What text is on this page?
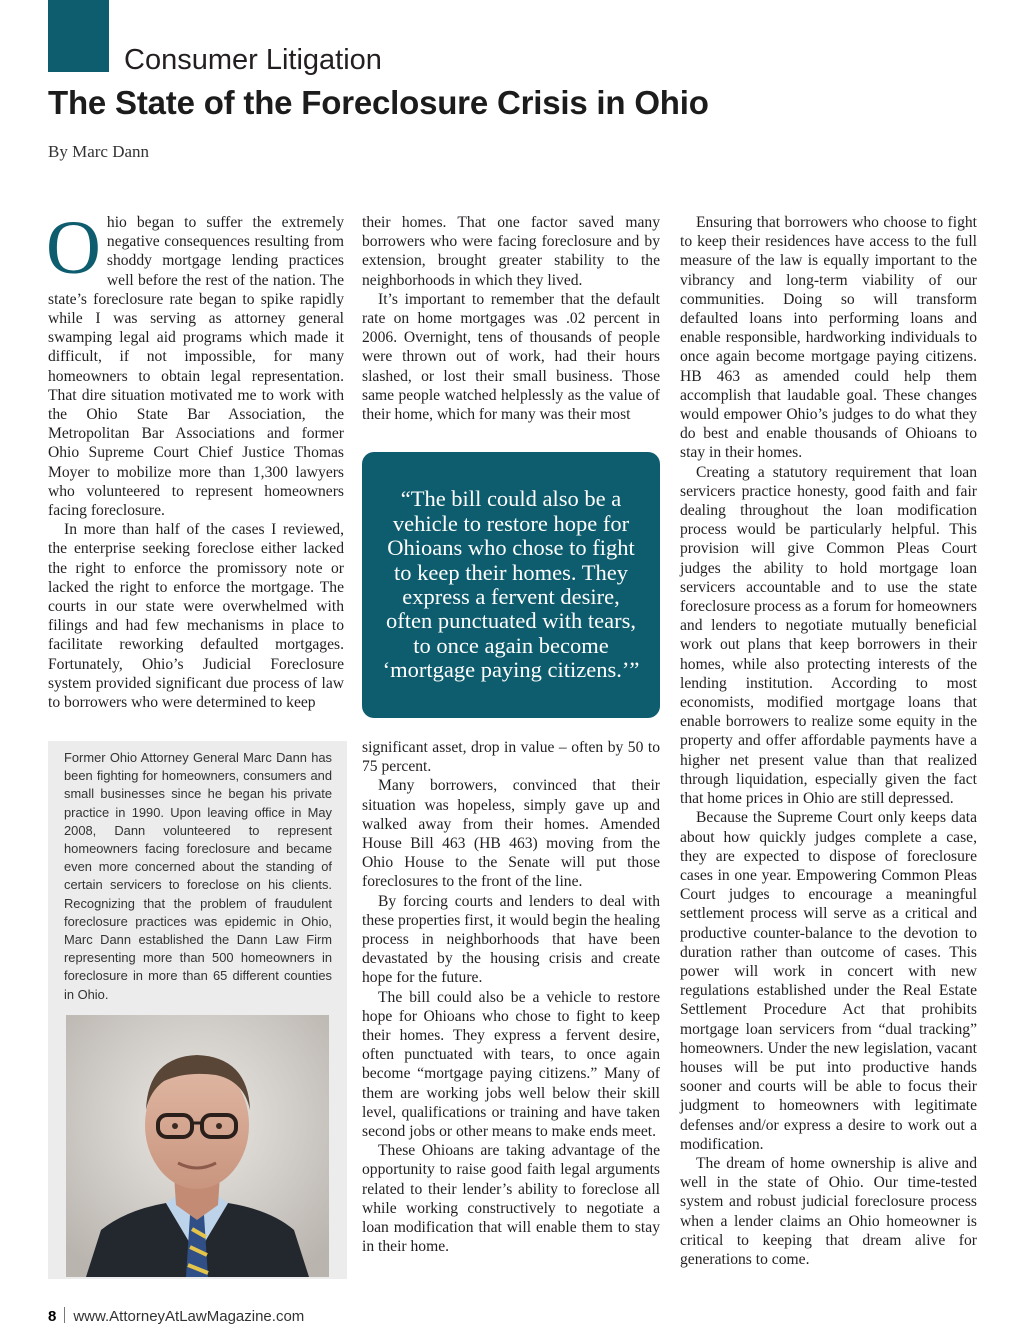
Consumer Litigation
The State of the Foreclosure Crisis in Ohio
By Marc Dann

Ohio began to suffer the extremely negative consequences resulting from shoddy mortgage lending practices well before the rest of the nation. The state’s foreclosure rate began to spike rapidly while I was serving as attorney general swamping legal aid programs which made it difficult, if not impossible, for many homeowners to obtain legal representation. That dire situation motivated me to work with the Ohio State Bar Association, the Metropolitan Bar Associations and former Ohio Supreme Court Chief Justice Thomas Moyer to mobilize more than 1,300 lawyers who volunteered to represent homeowners facing foreclosure.

In more than half of the cases I reviewed, the enterprise seeking foreclose either lacked the right to enforce the promissory note or lacked the right to enforce the mortgage. The courts in our state were overwhelmed with filings and had few mechanisms in place to facilitate reworking defaulted mortgages. Fortunately, Ohio’s Judicial Foreclosure system provided significant due process of law to borrowers who were determined to keep

their homes. That one factor saved many borrowers who were facing foreclosure and by extension, brought greater stability to the neighborhoods in which they lived.

It’s important to remember that the default rate on home mortgages was .02 percent in 2006. Overnight, tens of thousands of people were thrown out of work, had their hours slashed, or lost their small business. Those same people watched helplessly as the value of their home, which for many was their most

“The bill could also be a vehicle to restore hope for Ohioans who chose to fight to keep their homes. They express a fervent desire, often punctuated with tears, to once again become ‘mortgage paying citizens.’”

significant asset, drop in value – often by 50 to 75 percent.

Many borrowers, convinced that their situation was hopeless, simply gave up and walked away from their homes. Amended House Bill 463 (HB 463) moving from the Ohio House to the Senate will put those foreclosures to the front of the line.

By forcing courts and lenders to deal with these properties first, it would begin the healing process in neighborhoods that have been devastated by the housing crisis and create hope for the future.

The bill could also be a vehicle to restore hope for Ohioans who chose to fight to keep their homes. They express a fervent desire, often punctuated with tears, to once again become “mortgage paying citizens.” Many of them are working jobs well below their skill level, qualifications or training and have taken second jobs or other means to make ends meet.

These Ohioans are taking advantage of the opportunity to raise good faith legal arguments related to their lender’s ability to foreclose all while working constructively to negotiate a loan modification that will enable them to stay in their home.

Ensuring that borrowers who choose to fight to keep their residences have access to the full measure of the law is equally important to the vibrancy and long-term viability of our communities. Doing so will transform defaulted loans into performing loans and enable responsible, hardworking individuals to once again become mortgage paying citizens. HB 463 as amended could help them accomplish that laudable goal. These changes would empower Ohio’s judges to do what they do best and enable thousands of Ohioans to stay in their homes.

Creating a statutory requirement that loan servicers practice honesty, good faith and fair dealing throughout the loan modification process would be particularly helpful. This provision will give Common Pleas Court judges the ability to hold mortgage loan servicers accountable and to use the state foreclosure process as a forum for homeowners and lenders to negotiate mutually beneficial work out plans that keep borrowers in their homes, while also protecting interests of the lending institution. According to most economists, modified mortgage loans that enable borrowers to realize some equity in the property and offer affordable payments have a higher net present value than that realized through liquidation, especially given the fact that home prices in Ohio are still depressed.

Because the Supreme Court only keeps data about how quickly judges complete a case, they are expected to dispose of foreclosure cases in one year. Empowering Common Pleas Court judges to encourage a meaningful settlement process will serve as a critical and productive counter-balance to the devotion to duration rather than outcome of cases. This power will work in concert with new regulations established under the Real Estate Settlement Procedure Act that prohibits mortgage loan servicers from “dual tracking” homeowners. Under the new legislation, vacant houses will be put into productive hands sooner and courts will be able to focus their judgment to homeowners with legitimate defenses and/or express a desire to work out a modification.

The dream of home ownership is alive and well in the state of Ohio. Our time-tested system and robust judicial foreclosure process when a lender claims an Ohio homeowner is critical to keeping that dream alive for generations to come.

Former Ohio Attorney General Marc Dann has been fighting for homeowners, consumers and small businesses since he began his private practice in 1990. Upon leaving office in May 2008, Dann volunteered to represent homeowners facing foreclosure and became even more concerned about the standing of certain servicers to foreclose on his clients. Recognizing that the problem of fraudulent foreclosure practices was epidemic in Ohio, Marc Dann established the Dann Law Firm representing more than 500 homeowners in foreclosure in more than 65 different counties in Ohio.

8 www.AttorneyAtLawMagazine.com
